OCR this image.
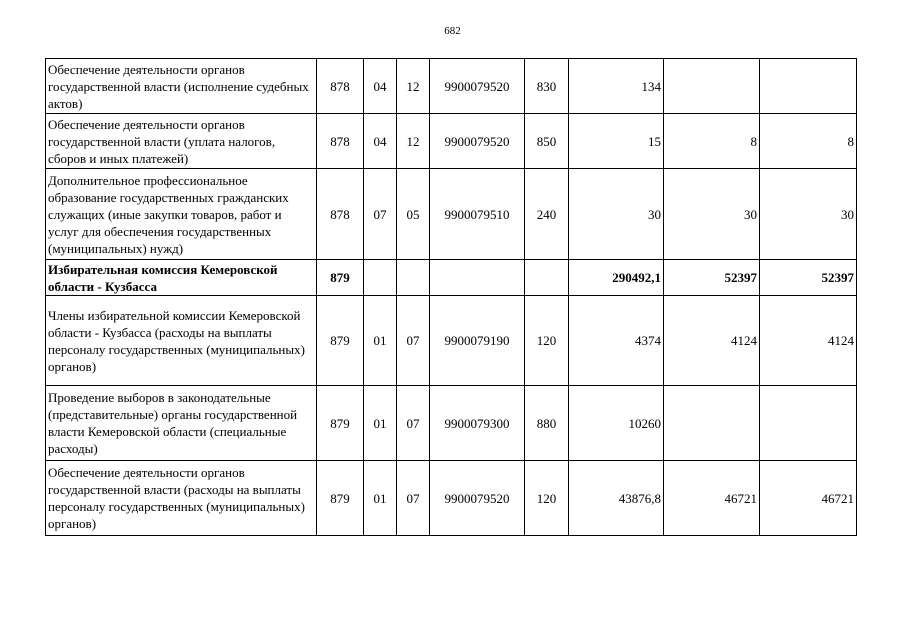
682
Обеспечение деятельности органов государственной власти (исполнение судебных актов)	878	04	12	9900079520	830	134		
Обеспечение деятельности органов государственной власти (уплата налогов, сборов и иных платежей)	878	04	12	9900079520	850	15	8	8
Дополнительное профессиональное образование государственных гражданских служащих (иные закупки товаров, работ и услуг для обеспечения государственных (муниципальных) нужд)	878	07	05	9900079510	240	30	30	30
Избирательная комиссия Кемеровской области - Кузбасса	879					290492,1	52397	52397
Члены избирательной комиссии Кемеровской области - Кузбасса (расходы на выплаты персоналу государственных (муниципальных) органов)	879	01	07	9900079190	120	4374	4124	4124
Проведение выборов в законодательные (представительные) органы государственной власти Кемеровской области (специальные расходы)	879	01	07	9900079300	880	10260		
Обеспечение деятельности органов государственной власти (расходы на выплаты персоналу государственных (муниципальных) органов)	879	01	07	9900079520	120	43876,8	46721	46721
